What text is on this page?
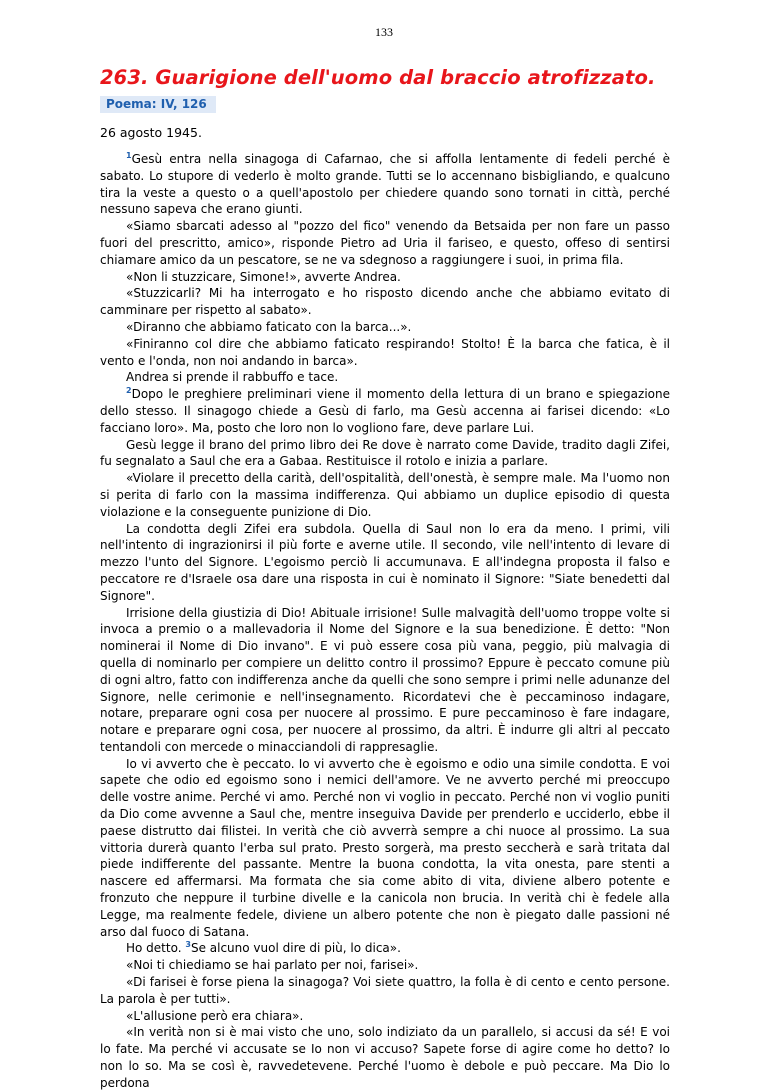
133
263. Guarigione dell'uomo dal braccio atrofizzato.
Poema: IV, 126
26 agosto 1945.

$^1$Gesù entra nella sinagoga di Cafarnao, che si affolla lentamente di fedeli perché è sabato. Lo stupore di vederlo è molto grande. Tutti se lo accennano bisbigliando, e qualcuno tira la veste a questo o a quell'apostolo per chiedere quando sono tornati in città, perché nessuno sapeva che erano giunti.

«Siamo sbarcati adesso al "pozzo del fico" venendo da Betsaida per non fare un passo fuori del prescritto, amico», risponde Pietro ad Uria il fariseo, e questo, offeso di sentirsi chiamare amico da un pescatore, se ne va sdegnoso a raggiungere i suoi, in prima fila.

«Non li stuzzicare, Simone!», avverte Andrea.

«Stuzzicarli? Mi ha interrogato e ho risposto dicendo anche che abbiamo evitato di camminare per rispetto al sabato».

«Diranno che abbiamo faticato con la barca...».

«Finiranno col dire che abbiamo faticato respirando! Stolto! È la barca che fatica, è il vento e l'onda, non noi andando in barca».

Andrea si prende il rabbuffo e tace.

$^2$Dopo le preghiere preliminari viene il momento della lettura di un brano e spiegazione dello stesso. Il sinagogo chiede a Gesù di farlo, ma Gesù accenna ai farisei dicendo: «Lo facciano loro». Ma, posto che loro non lo vogliono fare, deve parlare Lui.

Gesù legge il brano del primo libro dei Re dove è narrato come Davide, tradito dagli Zifei, fu segnalato a Saul che era a Gabaa. Restituisce il rotolo e inizia a parlare.

«Violare il precetto della carità, dell'ospitalità, dell'onestà, è sempre male. Ma l'uomo non si perita di farlo con la massima indifferenza. Qui abbiamo un duplice episodio di questa violazione e la conseguente punizione di Dio.

La condotta degli Zifei era subdola. Quella di Saul non lo era da meno. I primi, vili nell'intento di ingrazionirsi il più forte e averne utile. Il secondo, vile nell'intento di levare di mezzo l'unto del Signore. L'egoismo perciò li accumunava. E all'indegna proposta il falso e peccatore re d'Israele osa dare una risposta in cui è nominato il Signore: "Siate benedetti dal Signore".

Irrisione della giustizia di Dio! Abituale irrisione! Sulle malvagità dell'uomo troppe volte si invoca a premio o a mallevadoria il Nome del Signore e la sua benedizione. È detto: "Non nominerai il Nome di Dio invano". E vi può essere cosa più vana, peggio, più malvagia di quella di nominarlo per compiere un delitto contro il prossimo? Eppure è peccato comune più di ogni altro, fatto con indifferenza anche da quelli che sono sempre i primi nelle adunanze del Signore, nelle cerimonie e nell'insegnamento. Ricordatevi che è peccaminoso indagare, notare, preparare ogni cosa per nuocere al prossimo. E pure peccaminoso è fare indagare, notare e preparare ogni cosa, per nuocere al prossimo, da altri. È indurre gli altri al peccato tentandoli con mercede o minacciandoli di rappresaglie.

Io vi avverto che è peccato. Io vi avverto che è egoismo e odio una simile condotta. E voi sapete che odio ed egoismo sono i nemici dell'amore. Ve ne avverto perché mi preoccupo delle vostre anime. Perché vi amo. Perché non vi voglio in peccato. Perché non vi voglio puniti da Dio come avvenne a Saul che, mentre inseguiva Davide per prenderlo e ucciderlo, ebbe il paese distrutto dai filistei. In verità che ciò avverrà sempre a chi nuoce al prossimo. La sua vittoria durerà quanto l'erba sul prato. Presto sorgerà, ma presto seccherà e sarà tritata dal piede indifferente del passante. Mentre la buona condotta, la vita onesta, pare stenti a nascere ed affermarsi. Ma formata che sia come abito di vita, diviene albero potente e fronzuto che neppure il turbine divelle e la canicola non brucia. In verità chi è fedele alla Legge, ma realmente fedele, diviene un albero potente che non è piegato dalle passioni né arso dal fuoco di Satana.

Ho detto. $^3$Se alcuno vuol dire di più, lo dica».

«Noi ti chiediamo se hai parlato per noi, farisei».

«Di farisei è forse piena la sinagoga? Voi siete quattro, la folla è di cento e cento persone. La parola è per tutti».

«L'allusione però era chiara».

«In verità non si è mai visto che uno, solo indiziato da un parallelo, si accusi da sé! E voi lo fate. Ma perché vi accusate se Io non vi accuso? Sapete forse di agire come ho detto? Io non lo so. Ma se così è, ravvedetevene. Perché l'uomo è debole e può peccare. Ma Dio lo perdona
